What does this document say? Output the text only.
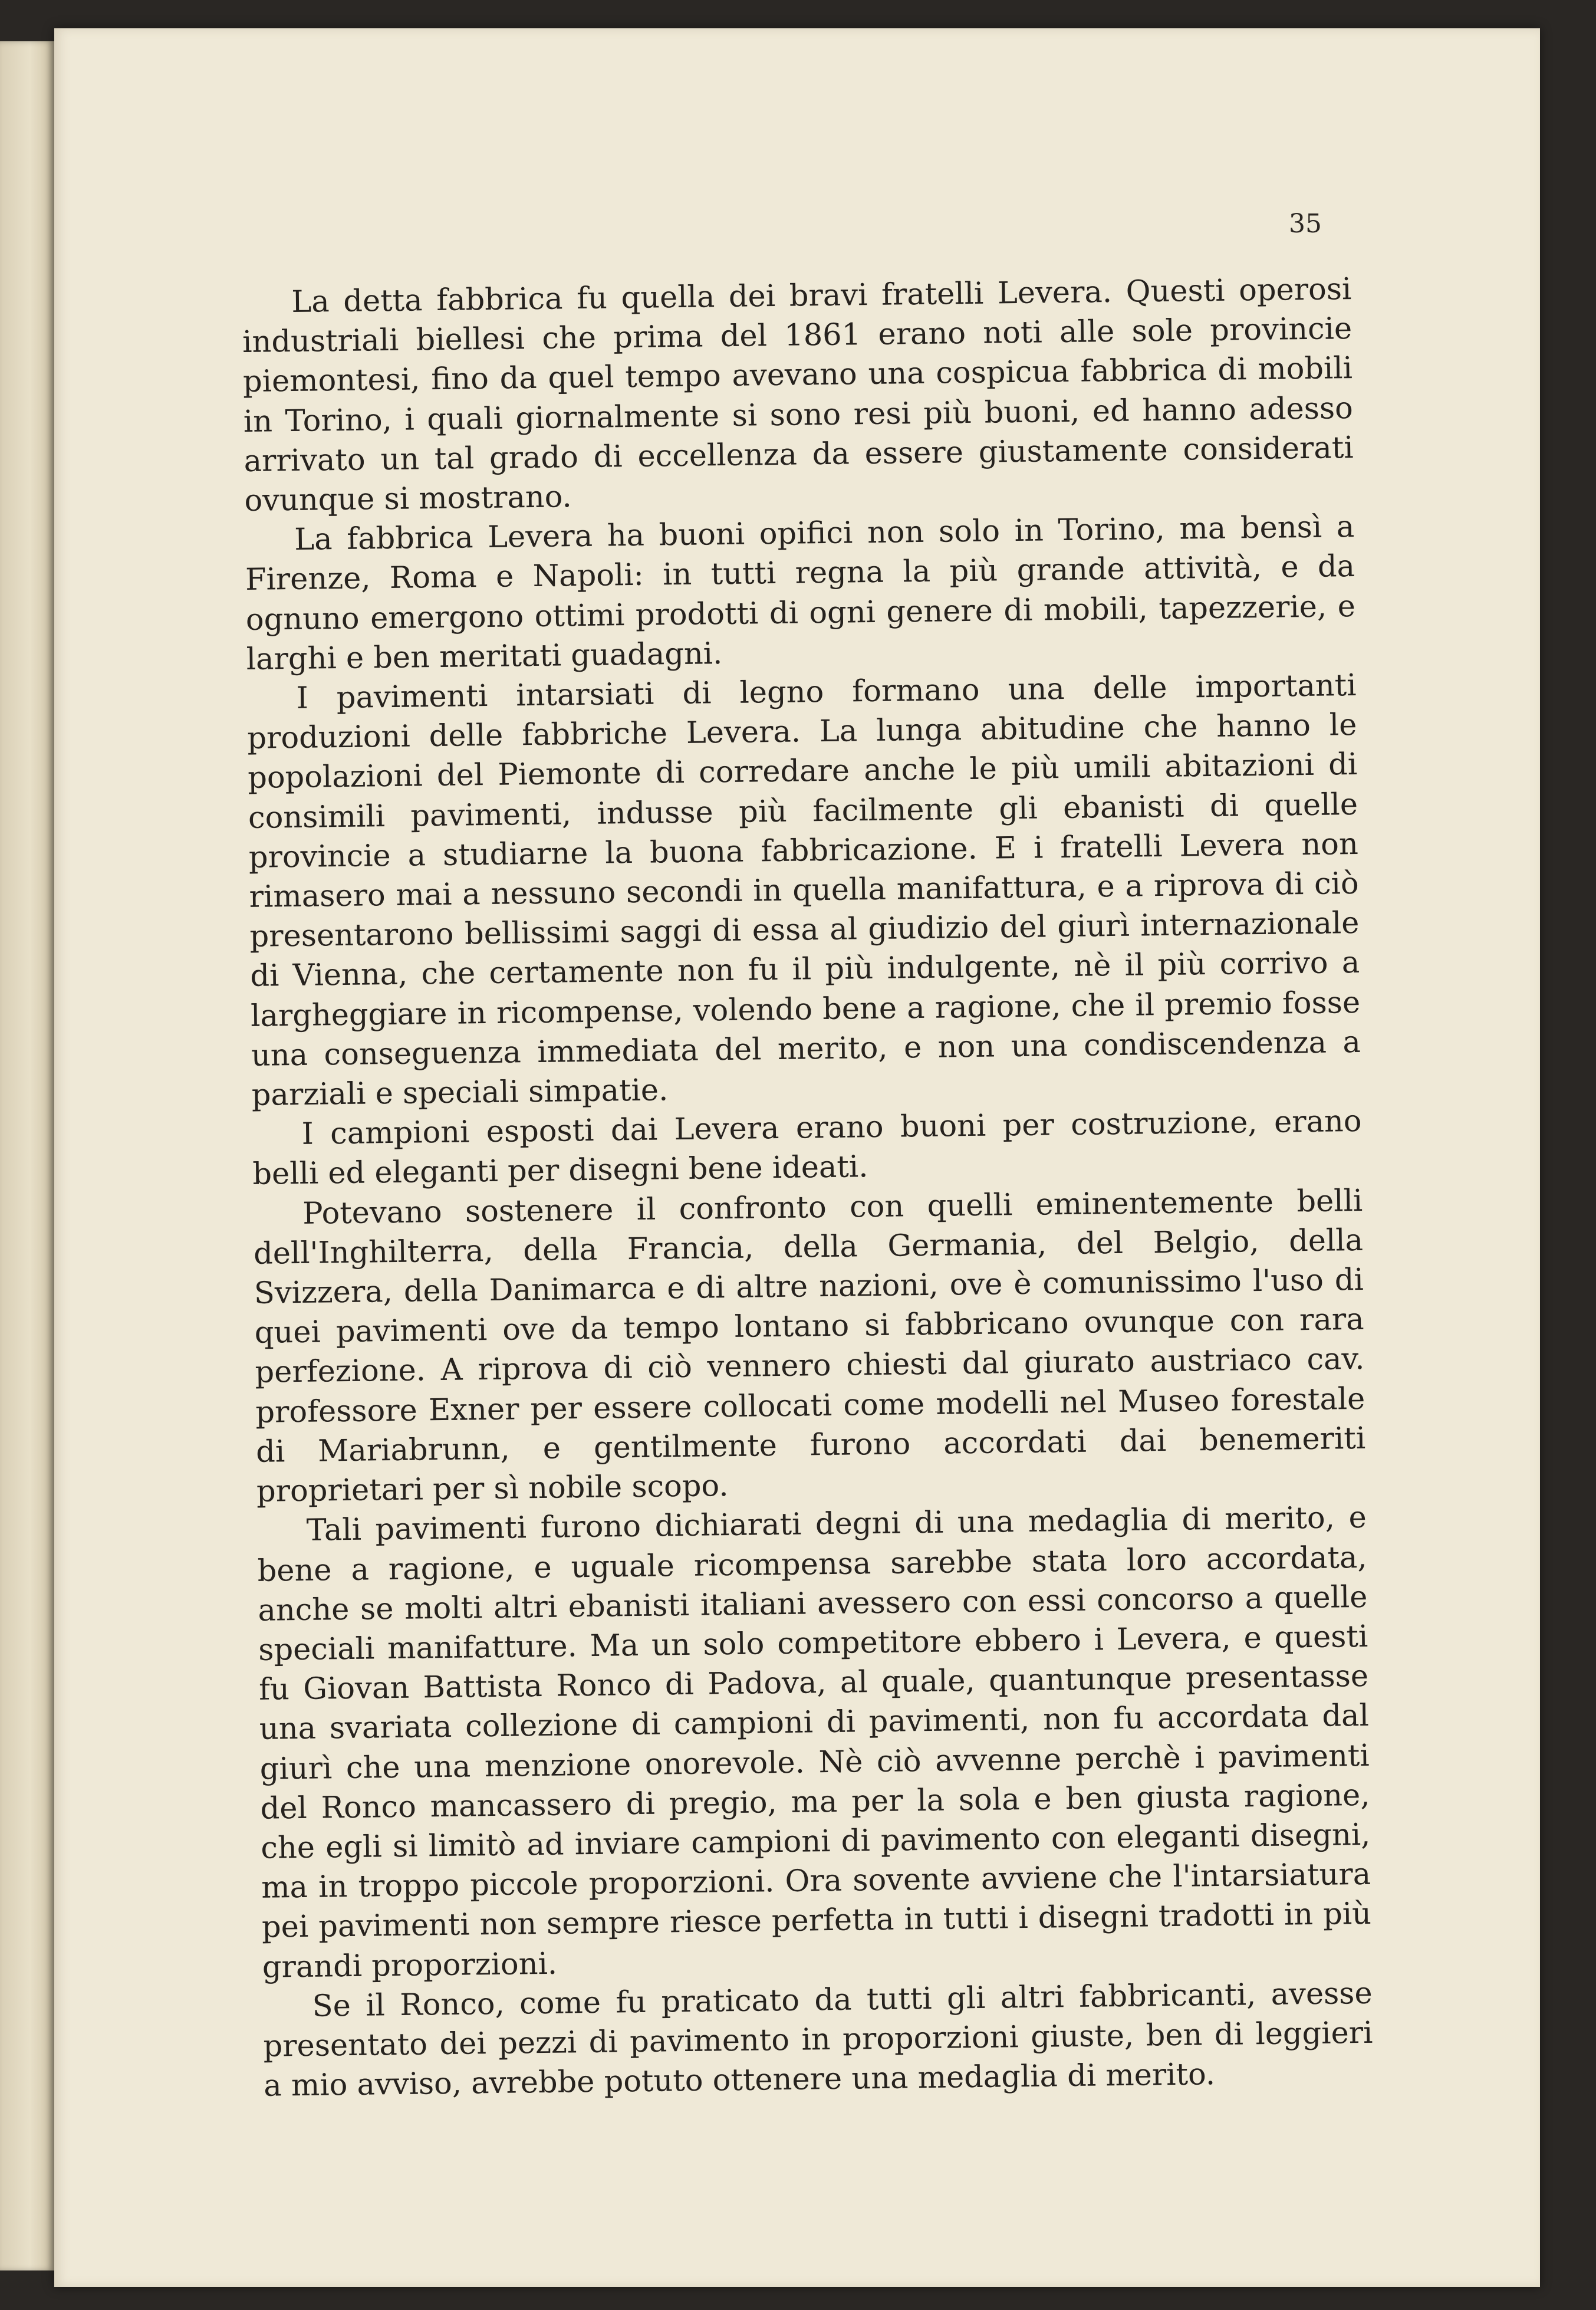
35

La detta fabbrica fu quella dei bravi fratelli Levera. Questi operosi industriali biellesi che prima del 1861 erano noti alle sole provincie piemontesi, fino da quel tempo avevano una cospicua fabbrica di mobili in Torino, i quali giornalmente si sono resi più buoni, ed hanno adesso arrivato un tal grado di eccellenza da essere giustamente considerati ovunque si mostrano.

La fabbrica Levera ha buoni opifici non solo in Torino, ma bensì a Firenze, Roma e Napoli: in tutti regna la più grande attività, e da ognuno emergono ottimi prodotti di ogni genere di mobili, tapezzerie, e larghi e ben meritati guadagni.

I pavimenti intarsiati di legno formano una delle importanti produzioni delle fabbriche Levera. La lunga abitudine che hanno le popolazioni del Piemonte di corredare anche le più umili abitazioni di consimili pavimenti, indusse più facilmente gli ebanisti di quelle provincie a studiarne la buona fabbricazione. E i fratelli Levera non rimasero mai a nessuno secondi in quella manifattura, e a riprova di ciò presentarono bellissimi saggi di essa al giudizio del giurì internazionale di Vienna, che certamente non fu il più indulgente, nè il più corrivo a largheggiare in ricompense, volendo bene a ragione, che il premio fosse una conseguenza immediata del merito, e non una condiscendenza a parziali e speciali simpatie.

I campioni esposti dai Levera erano buoni per costruzione, erano belli ed eleganti per disegni bene ideati.

Potevano sostenere il confronto con quelli eminentemente belli dell'Inghilterra, della Francia, della Germania, del Belgio, della Svizzera, della Danimarca e di altre nazioni, ove è comunissimo l'uso di quei pavimenti ove da tempo lontano si fabbricano ovunque con rara perfezione. A riprova di ciò vennero chiesti dal giurato austriaco cav. professore Exner per essere collocati come modelli nel Museo forestale di Mariabrunn, e gentilmente furono accordati dai benemeriti proprietari per sì nobile scopo.

Tali pavimenti furono dichiarati degni di una medaglia di merito, e bene a ragione, e uguale ricompensa sarebbe stata loro accordata, anche se molti altri ebanisti italiani avessero con essi concorso a quelle speciali manifatture. Ma un solo competitore ebbero i Levera, e questi fu Giovan Battista Ronco di Padova, al quale, quantunque presentasse una svariata collezione di campioni di pavimenti, non fu accordata dal giurì che una menzione onorevole. Nè ciò avvenne perchè i pavimenti del Ronco mancassero di pregio, ma per la sola e ben giusta ragione, che egli si limitò ad inviare campioni di pavimento con eleganti disegni, ma in troppo piccole proporzioni. Ora sovente avviene che l'intarsiatura pei pavimenti non sempre riesce perfetta in tutti i disegni tradotti in più grandi proporzioni.

Se il Ronco, come fu praticato da tutti gli altri fabbricanti, avesse presentato dei pezzi di pavimento in proporzioni giuste, ben di leggieri a mio avviso, avrebbe potuto ottenere una medaglia di merito.
